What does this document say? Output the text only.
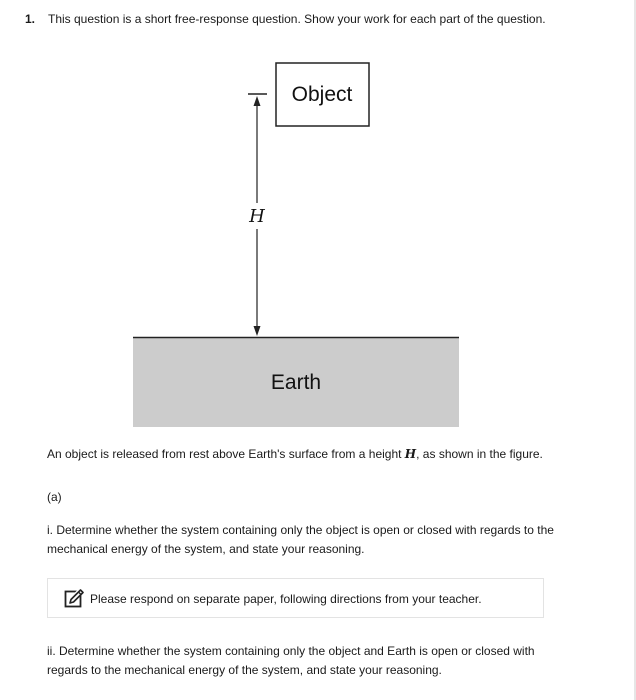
1. This question is a short free-response question. Show your work for each part of the question.
Object
H
Earth
An object is released from rest above Earth's surface from a height H, as shown in the figure.
(a)
i. Determine whether the system containing only the object is open or closed with regards to the mechanical energy of the system, and state your reasoning.
Please respond on separate paper, following directions from your teacher.
ii. Determine whether the system containing only the object and Earth is open or closed with regards to the mechanical energy of the system, and state your reasoning.
